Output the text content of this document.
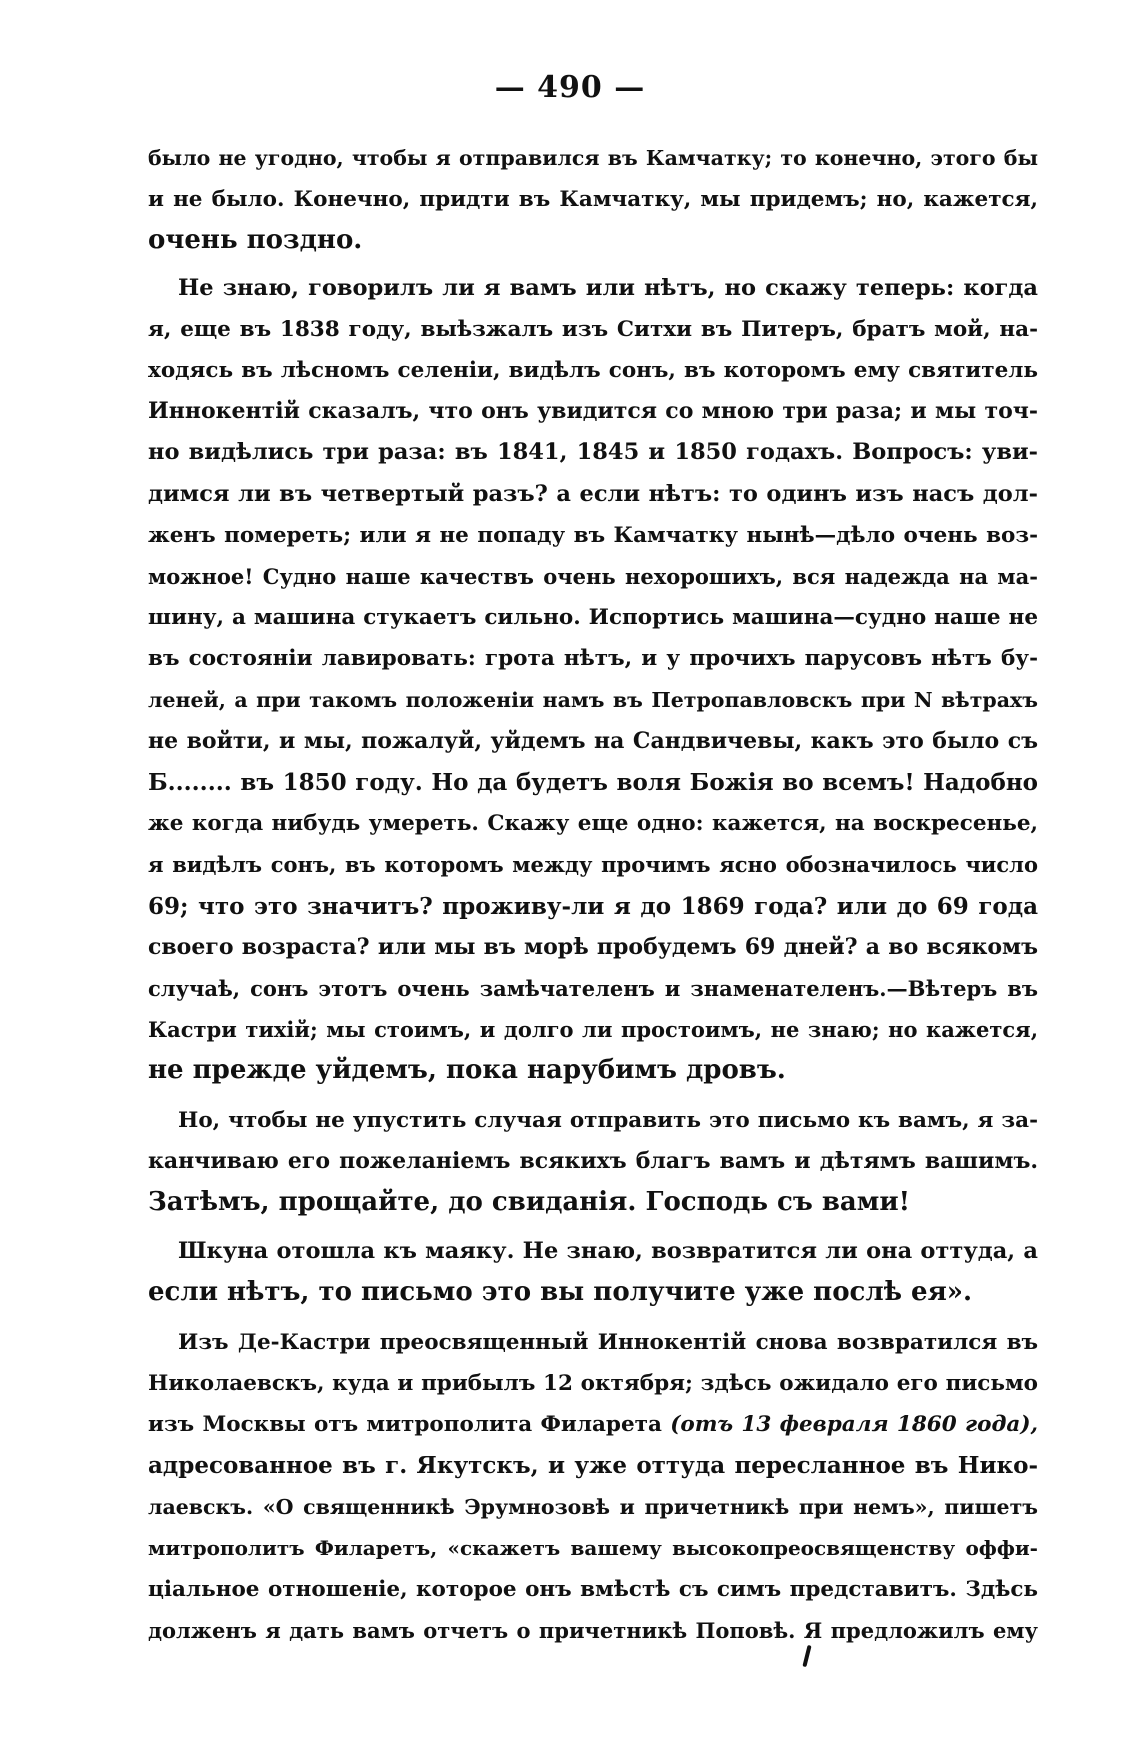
— 490 —

было не угодно, чтобы я отправился въ Камчатку; то конечно, этого бы
и не было. Конечно, придти въ Камчатку, мы придемъ; но, кажется,
очень поздно.

Не знаю, говорилъ ли я вамъ или нѣтъ, но скажу теперь: когда
я, еще въ 1838 году, выѣзжалъ изъ Ситхи въ Питеръ, братъ мой, на-
ходясь въ лѣсномъ селеніи, видѣлъ сонъ, въ которомъ ему святитель
Иннокентій сказалъ, что онъ увидится со мною три раза; и мы точ-
но видѣлись три раза: въ 1841, 1845 и 1850 годахъ. Вопросъ: уви-
димся ли въ четвертый разъ? а если нѣтъ: то одинъ изъ насъ дол-
женъ помереть; или я не попаду въ Камчатку нынѣ—дѣло очень воз-
можное! Судно наше качествъ очень нехорошихъ, вся надежда на ма-
шину, а машина стукаетъ сильно. Испортись машина—судно наше не
въ состояніи лавировать: грота нѣтъ, и у прочихъ парусовъ нѣтъ бу-
леней, а при такомъ положеніи намъ въ Петропавловскъ при N вѣтрахъ
не войти, и мы, пожалуй, уйдемъ на Сандвичевы, какъ это было съ
Б........ въ 1850 году. Но да будетъ воля Божія во всемъ! Надобно
же когда нибудь умереть. Скажу еще одно: кажется, на воскресенье,
я видѣлъ сонъ, въ которомъ между прочимъ ясно обозначилось число
69; что это значитъ? проживу-ли я до 1869 года? или до 69 года
своего возраста? или мы въ морѣ пробудемъ 69 дней? а во всякомъ
случаѣ, сонъ этотъ очень замѣчателенъ и знаменателенъ.—Вѣтеръ въ
Кастри тихій; мы стоимъ, и долго ли простоимъ, не знаю; но кажется,
не прежде уйдемъ, пока нарубимъ дровъ.

Но, чтобы не упустить случая отправить это письмо къ вамъ, я за-
канчиваю его пожеланіемъ всякихъ благъ вамъ и дѣтямъ вашимъ.
Затѣмъ, прощайте, до свиданія. Господь съ вами!

Шкуна отошла къ маяку. Не знаю, возвратится ли она оттуда, а
если нѣтъ, то письмо это вы получите уже послѣ ея».

Изъ Де-Кастри преосвященный Иннокентій снова возвратился въ
Николаевскъ, куда и прибылъ 12 октября; здѣсь ожидало его письмо
изъ Москвы отъ митрополита Филарета (отъ 13 февраля 1860 года),
адресованное въ г. Якутскъ, и уже оттуда пересланное въ Нико-
лаевскъ. «О священникѣ Эрумнозовѣ и причетникѣ при немъ», пишетъ
митрополитъ Филаретъ, «скажетъ вашему высокопреосвященству оффи-
ціальное отношеніе, которое онъ вмѣстѣ съ симъ представитъ. Здѣсь
долженъ я дать вамъ отчетъ о причетникѣ Поповѣ. Я предложилъ ему
